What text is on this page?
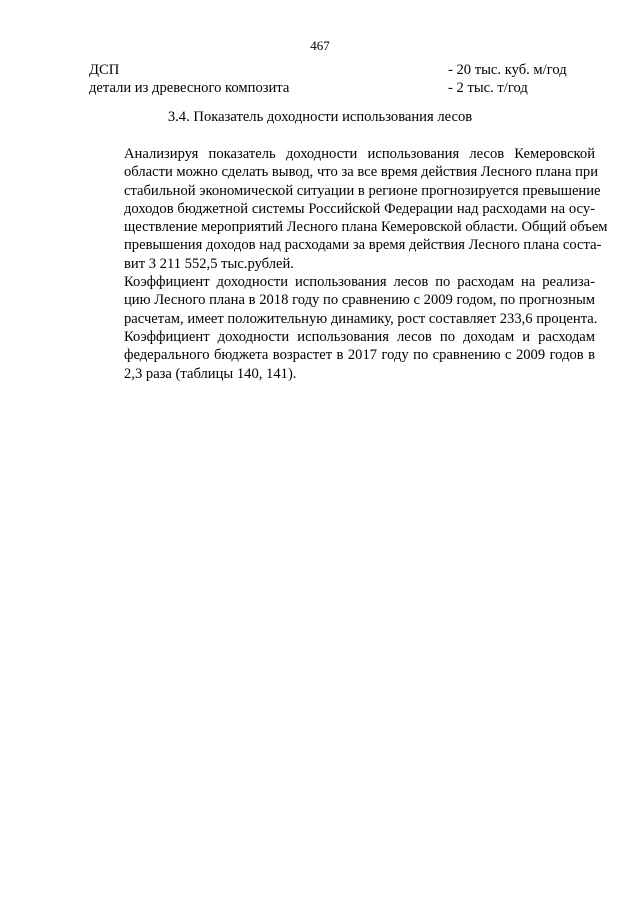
467
ДСП	- 20 тыс. куб. м/год
детали из древесного композита	- 2 тыс. т/год
3.4. Показатель доходности использования лесов
Анализируя показатель доходности использования лесов Кемеровской
области можно сделать вывод, что за все время действия Лесного плана при
стабильной экономической ситуации в регионе прогнозируется превышение
доходов бюджетной системы Российской Федерации над расходами на осу-
ществление мероприятий Лесного плана Кемеровской области. Общий объем
превышения доходов над расходами за время действия Лесного плана соста-
вит 3 211 552,5 тыс.рублей.
Коэффициент доходности использования лесов по расходам на реализа-
цию Лесного плана в 2018 году по сравнению с 2009 годом, по прогнозным
расчетам, имеет положительную динамику, рост составляет 233,6 процента.
Коэффициент доходности использования лесов по доходам и расходам
федерального бюджета возрастет в 2017 году по сравнению с 2009 годов в
2,3 раза (таблицы 140, 141).
